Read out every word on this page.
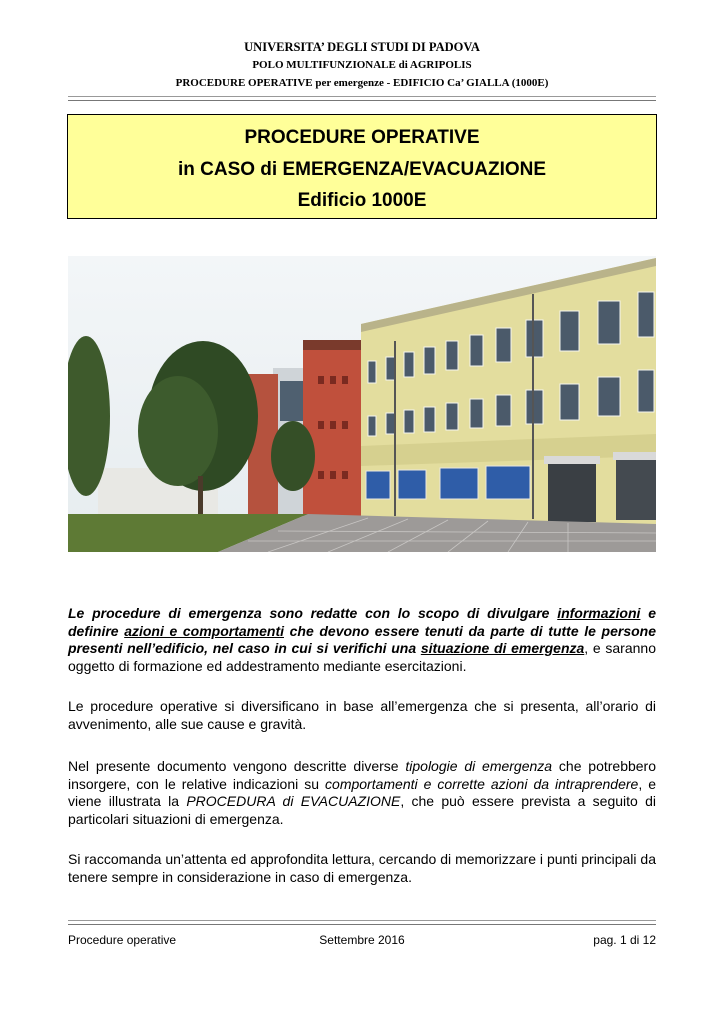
UNIVERSITA’ DEGLI STUDI DI PADOVA
POLO MULTIFUNZIONALE di AGRIPOLIS
PROCEDURE OPERATIVE per emergenze - EDIFICIO Ca’ GIALLA (1000E)
PROCEDURE OPERATIVE
in CASO di EMERGENZA/EVACUAZIONE
Edificio 1000E

Le procedure di emergenza sono redatte con lo scopo di divulgare informazioni e definire azioni e comportamenti che devono essere tenuti da parte di tutte le persone presenti nell’edificio, nel caso in cui si verifichi una situazione di emergenza, e saranno oggetto di formazione ed addestramento mediante esercitazioni.

Le procedure operative si diversificano in base all’emergenza che si presenta, all’orario di avvenimento, alle sue cause e gravità.

Nel presente documento vengono descritte diverse tipologie di emergenza che potrebbero insorgere, con le relative indicazioni su comportamenti e corrette azioni da intraprendere, e viene illustrata la PROCEDURA di EVACUAZIONE, che può essere prevista a seguito di particolari situazioni di emergenza.

Si raccomanda un’attenta ed approfondita lettura, cercando di memorizzare i punti principali da tenere sempre in considerazione in caso di emergenza.

Procedure operative	Settembre 2016	pag. 1 di 12
